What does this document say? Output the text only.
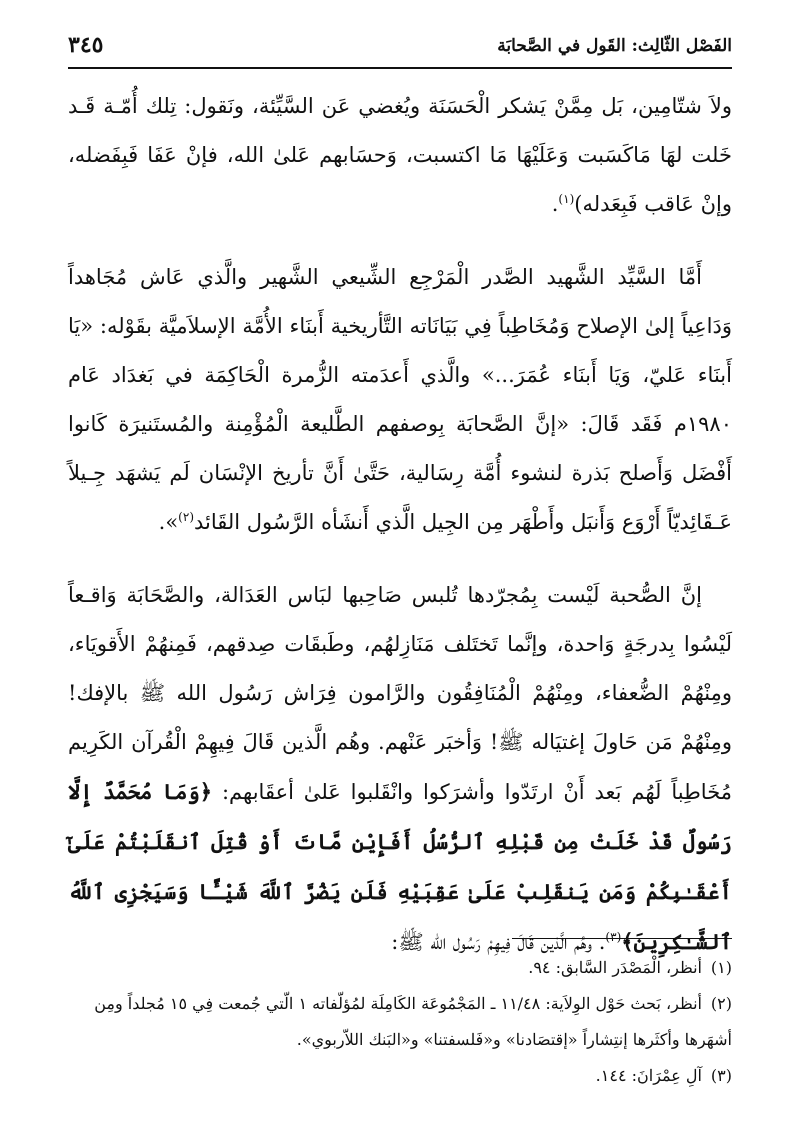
الفَصْل الثّالِث: القَول في الصَّحابَة
٣٤٥

ولاَ شتّامِين، بَل مِمَّنْ يَشكر الْحَسَنَة ويُغضي عَن السَّيِّئة، ونَقول: تِلك أُمّـة قَـد خَلت لهَا مَاكَسَبت وَعَلَيْهَا مَا اكتسبت، وَحسَابهم عَلىٰ الله، فإنْ عَفَا فَبِفَضله، وإنْ عَاقب فَبِعَدله)$^{(١)}$.

أَمَّا السَّيِّد الشَّهيد الصَّدر الْمَرْجِع الشِّيعي الشَّهير والَّذي عَاش مُجَاهداً وَدَاعِياً إلىٰ الإصلاح وَمُخَاطِباً فِي بَيَانَاته التَّأريخية أَبنَاء الأُمَّة الإسلاَميَّة بقَوْله: «يَا أَبنَاء عَليّ، وَيَا أَبنَاء عُمَرَ...» والَّذي أَعدَمته الزُّمرة الْحَاكِمَة في بَغدَاد عَام ١٩٨٠م فَقَد قَالَ: «إنَّ الصَّحابَة بِوصفهم الطَّليعة الْمُؤْمِنة والمُستَنيرَة كَانوا أَفْضَل وَأَصلح بَذرة لنشوء أُمَّة رِسَالية، حَتَّىٰ أَنَّ تأريخ الإنْسَان لَم يَشهَد جِـيلاً عَـقَائِديّاً أَرْوَع وَأَنبَل وأَطْهَر مِن الجِيل الَّذي أَنشَأه الرَّسُول القَائد$^{(٢)}$».

إنَّ الصُّحبة لَيْست بِمُجرّدها تُلبس صَاحِبها لبَاس العَدَالة، والصَّحَابَة وَاقـعاً لَيْسُوا بِدرجَةٍ وَاحدة، وإنَّما تَختَلف مَنَازِلهُم، وطَبقَات صِدقهم، فَمِنهُمْ الأَقويَاء، ومِنْهُمْ الضُّعفاء، ومِنْهُمْ الْمُنَافِقُون والرَّامون فِرَاش رَسُول الله ﷺ بالإفك! ومِنْهُمْ مَن حَاولَ إغتيَاله ﷺ! وَأخبَر عَنْهم. وهُم الَّذين قَالَ فِيهِمْ الْقُرآن الكَرِيم مُخَاطِباً لَهُم بَعد أَنْ ارتَدّوا وأشرَكوا وانْقَلبوا عَلىٰ أعقَابهم: ﴿وَمَا مُحَمَّدٌ إِلَّا رَسُولٌ قَدْ خَلَتْ مِن قَبْلِهِ ٱلرُّسُلُ أَفَإِيْن مَّاتَ أَوْ قُتِلَ ٱنقَلَبْتُمْ عَلَىٰٓ أَعْقَـٰبِكُمْ وَمَن يَنقَلِبْ عَلَىٰ عَقِبَيْهِ فَلَن يَضُرَّ ٱللَّهَ شَيْـًٔا وَسَيَجْزِى ٱللَّهُ ٱلشَّـٰكِرِينَ﴾$^{(٣)}$. وهُم الَّذين قَالَ فِيهِمْ رَسُول الله ﷺ:

(١)أنظر، الْمَصْدَر السَّابق: ٩٤.

(٢)أنظر، بَحث حَوْل الوِلاَية: ١١/٤٨ ـ المَجْمُوعَة الكَامِلَة لمُؤلّفاته ١ الّتي جُمعت فِي ١٥ مُجلداً ومِن أشهَرها وأكثَرها إنتِشاراً «إقتصَادنا» و«فَلسفتنا» و«البَنك اللاّربوي».

(٣)آلِ عِمْرَانَ: ١٤٤.
